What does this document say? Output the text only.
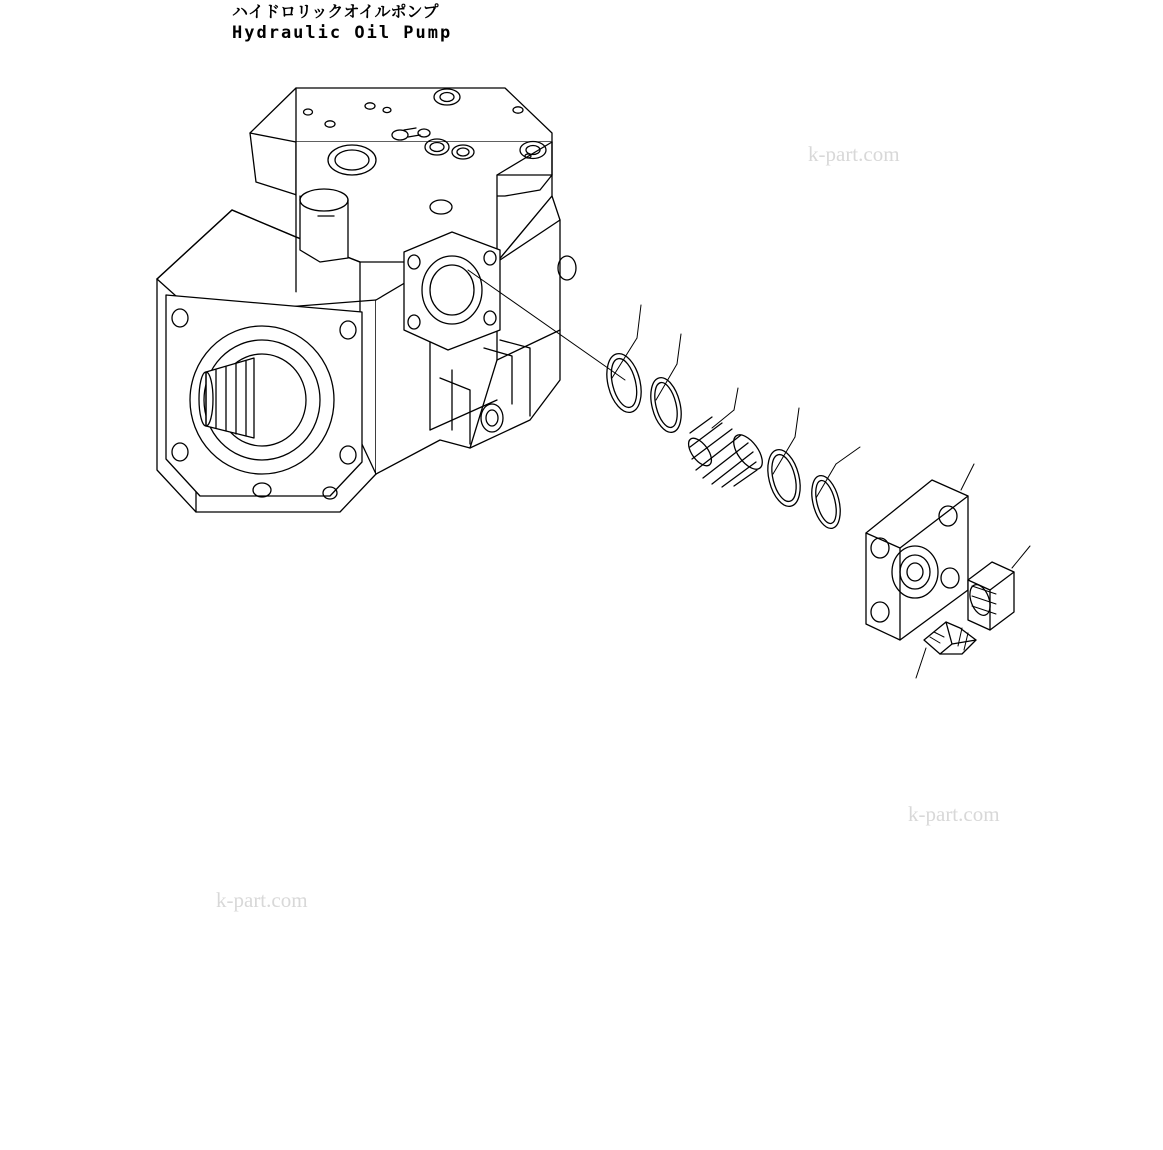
ハイドロリックオイルポンプ
Hydraulic Oil Pump
k-part.com
k-part.com
k-part.com
